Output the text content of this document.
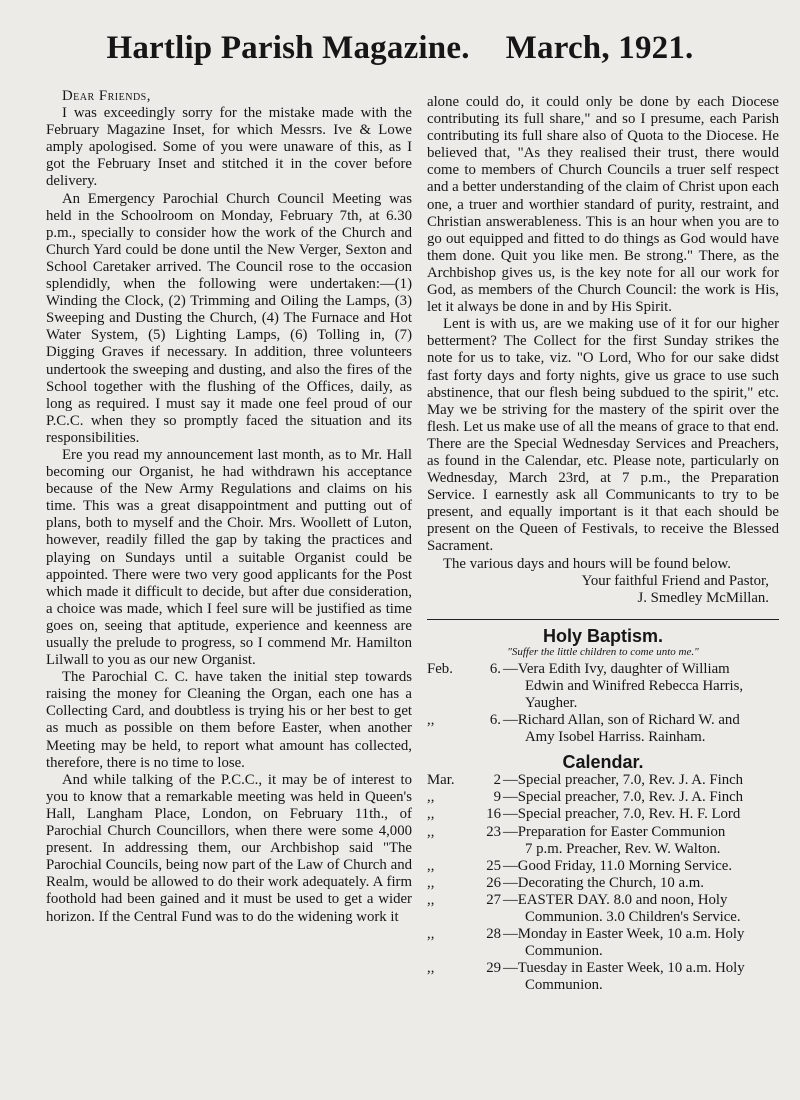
Hartlip Parish Magazine. March, 1921.

Dear Friends,

I was exceedingly sorry for the mistake made with the February Magazine Inset, for which Messrs. Ive & Lowe amply apologised. Some of you were unaware of this, as I got the February Inset and stitched it in the cover before delivery.

An Emergency Parochial Church Council Meeting was held in the Schoolroom on Monday, February 7th, at 6.30 p.m., specially to consider how the work of the Church and Church Yard could be done until the New Verger, Sexton and School Caretaker arrived. The Council rose to the occasion splendidly, when the following were undertaken:—(1) Winding the Clock, (2) Trimming and Oiling the Lamps, (3) Sweeping and Dusting the Church, (4) The Furnace and Hot Water System, (5) Lighting Lamps, (6) Tolling in, (7) Digging Graves if necessary. In addition, three volunteers undertook the sweeping and dusting, and also the fires of the School together with the flushing of the Offices, daily, as long as required. I must say it made one feel proud of our P.C.C. when they so promptly faced the situation and its responsibilities.

Ere you read my announcement last month, as to Mr. Hall becoming our Organist, he had withdrawn his acceptance because of the New Army Regulations and claims on his time. This was a great disappointment and putting out of plans, both to myself and the Choir. Mrs. Woollett of Luton, however, readily filled the gap by taking the practices and playing on Sundays until a suitable Organist could be appointed. There were two very good applicants for the Post which made it difficult to decide, but after due consideration, a choice was made, which I feel sure will be justified as time goes on, seeing that aptitude, experience and keenness are usually the prelude to progress, so I commend Mr. Hamilton Lilwall to you as our new Organist.

The Parochial C. C. have taken the initial step towards raising the money for Cleaning the Organ, each one has a Collecting Card, and doubtless is trying his or her best to get as much as possible on them before Easter, when another Meeting may be held, to report what amount has collected, therefore, there is no time to lose.

And while talking of the P.C.C., it may be of interest to you to know that a remarkable meeting was held in Queen's Hall, Langham Place, London, on February 11th., of Parochial Church Councillors, when there were some 4,000 present. In addressing them, our Archbishop said "The Parochial Councils, being now part of the Law of Church and Realm, would be allowed to do their work adequately. A firm foothold had been gained and it must be used to get a wider horizon. If the Central Fund was to do the widening work it

alone could do, it could only be done by each Diocese contributing its full share," and so I presume, each Parish contributing its full share also of Quota to the Diocese. He believed that, "As they realised their trust, there would come to members of Church Councils a truer self respect and a better understanding of the claim of Christ upon each one, a truer and worthier standard of purity, restraint, and Christian answerableness. This is an hour when you are to go out equipped and fitted to do things as God would have them done. Quit you like men. Be strong." There, as the Archbishop gives us, is the key note for all our work for God, as members of the Church Council: the work is His, let it always be done in and by His Spirit.

Lent is with us, are we making use of it for our higher betterment? The Collect for the first Sunday strikes the note for us to take, viz. "O Lord, Who for our sake didst fast forty days and forty nights, give us grace to use such abstinence, that our flesh being subdued to the spirit," etc. May we be striving for the mastery of the spirit over the flesh. Let us make use of all the means of grace to that end. There are the Special Wednesday Services and Preachers, as found in the Calendar, etc. Please note, particularly on Wednesday, March 23rd, at 7 p.m., the Preparation Service. I earnestly ask all Communicants to try to be present, and equally important is it that each should be present on the Queen of Festivals, to receive the Blessed Sacrament.

The various days and hours will be found below.

Your faithful Friend and Pastor,
J. Smedley McMillan.
Holy Baptism.
"Suffer the little children to come unto me."
Feb.	6. —Vera Edith Ivy, daughter of William
Edwin and Winifred Rebecca Harris,
Yaugher.
,,	6. —Richard Allan, son of Richard W. and
Amy Isobel Harriss. Rainham.
Calendar.
Mar.	2 —Special preacher, 7.0, Rev. J. A. Finch
,,	9 —Special preacher, 7.0, Rev. J. A. Finch
,,	16 —Special preacher, 7.0, Rev. H. F. Lord
,,	23 —Preparation for Easter Communion
7 p.m. Preacher, Rev. W. Walton.
,,	25 —Good Friday, 11.0 Morning Service.
,,	26 —Decorating the Church, 10 a.m.
,,	27 —EASTER DAY. 8.0 and noon, Holy
Communion. 3.0 Children's Service.
,,	28 —Monday in Easter Week, 10 a.m. Holy
Communion.
,,	29 —Tuesday in Easter Week, 10 a.m. Holy
Communion.
